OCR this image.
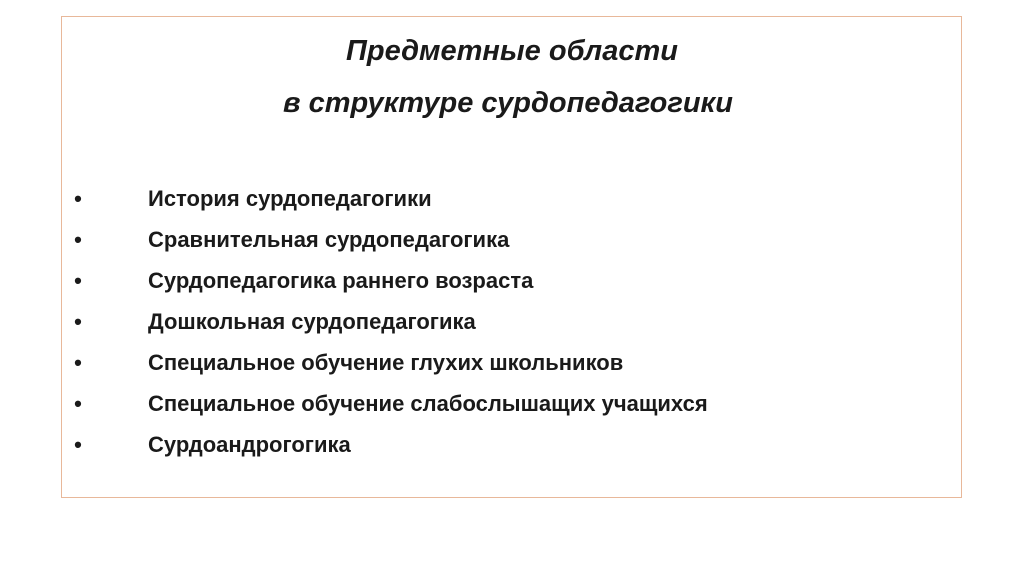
Предметные области
в структуре сурдопедагогики
•	История сурдопедагогики
•	Сравнительная сурдопедагогика
•	Сурдопедагогика раннего возраста
•	Дошкольная сурдопедагогика
•	Специальное обучение глухих школьников
•	Специальное обучение слабослышащих учащихся
•	Сурдоандрогогика
